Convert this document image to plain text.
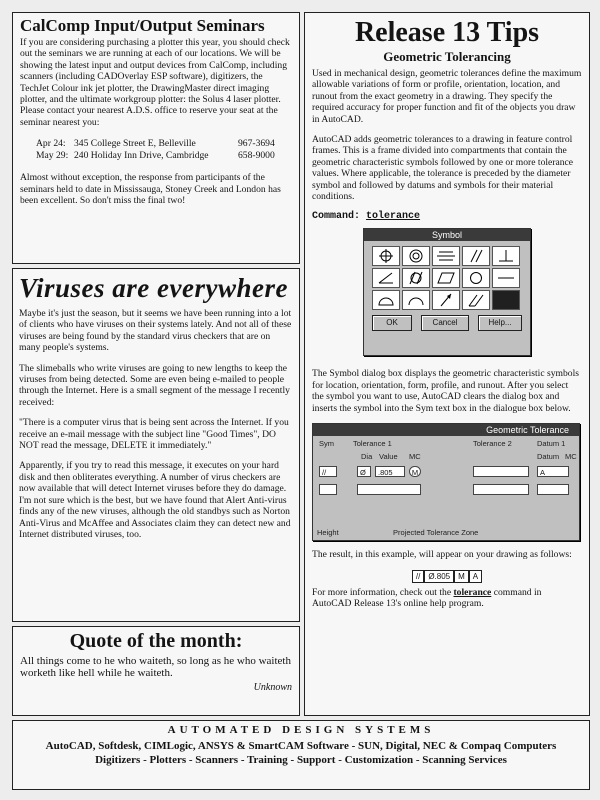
CalComp Input/Output Seminars

If you are considering purchasing a plotter this year, you should check out the seminars we are running at each of our locations. We will be showing the latest input and output devices from CalComp, including scanners (including CADOverlay ESP software), digitizers, the TechJet Colour ink jet plotter, the DrawingMaster direct imaging plotter, and the ultimate workgroup plotter: the Solus 4 laser plotter. Please contact your nearest A.D.S. office to reserve your seat at the seminar nearest you:

Apr 24: 345 College Street E, Belleville	967-3694
May 29: 240 Holiday Inn Drive, Cambridge	658-9000

Almost without exception, the response from participants of the seminars held to date in Mississauga, Stoney Creek and London has been excellent. So don't miss the final two!

Viruses are everywhere

Maybe it's just the season, but it seems we have been running into a lot of clients who have viruses on their systems lately. And not all of these viruses are being found by the standard virus checkers that are on many people's systems.

The slimeballs who write viruses are going to new lengths to keep the viruses from being detected. Some are even being e-mailed to people through the Internet. Here is a small segment of the message I recently received:

"There is a computer virus that is being sent across the Internet. If you receive an e-mail message with the subject line "Good Times", DO NOT read the message, DELETE it immediately."

Apparently, if you try to read this message, it executes on your hard disk and then obliterates everything. A number of virus checkers are now available that will detect Internet viruses before they do damage. I'm not sure which is the best, but we have found that Alert Anti-virus finds any of the new viruses, although the old standbys such as Norton Anti-Virus and McAffee and Associates claim they can detect new and Internet distributed viruses, too.

Quote of the month:
All things come to he who waiteth, so long as he who waiteth worketh like hell while he waiteth.
Unknown
Release 13 Tips
Geometric Tolerancing

Used in mechanical design, geometric tolerances define the maximum allowable variations of form or profile, orientation, location, and runout from the exact geometry in a drawing. They specify the required accuracy for proper function and fit of the objects you draw in AutoCAD.

AutoCAD adds geometric tolerances to a drawing in feature control frames. This is a frame divided into compartments that contain the geometric characteristic symbols followed by one or more tolerance values. Where applicable, the tolerance is preceded by the diameter symbol and followed by datums and symbols for their material conditions.

Command: tolerance
Symbol
OK	Cancel	Help...

The Symbol dialog box displays the geometric characteristic symbols for location, orientation, form, profile, and runout. After you select the symbol you want to use, AutoCAD clears the dialog box and inserts the symbol into the Sym text box in the dialogue box below.

Geometric Tolerance
Sym	Tolerance 1	Tolerance 2	Datum 1
Dia Value MC	Datum MC
//	Ø	.805	M	A
Height	Projected Tolerance Zone

The result, in this example, will appear on your drawing as follows:

//	Ø.805	M	A

For more information, check out the tolerance command in AutoCAD Release 13's online help program.

AUTOMATED DESIGN SYSTEMS
AutoCAD, Softdesk, CIMLogic, ANSYS & SmartCAM Software - SUN, Digital, NEC & Compaq Computers
Digitizers - Plotters - Scanners - Training - Support - Customization - Scanning Services
